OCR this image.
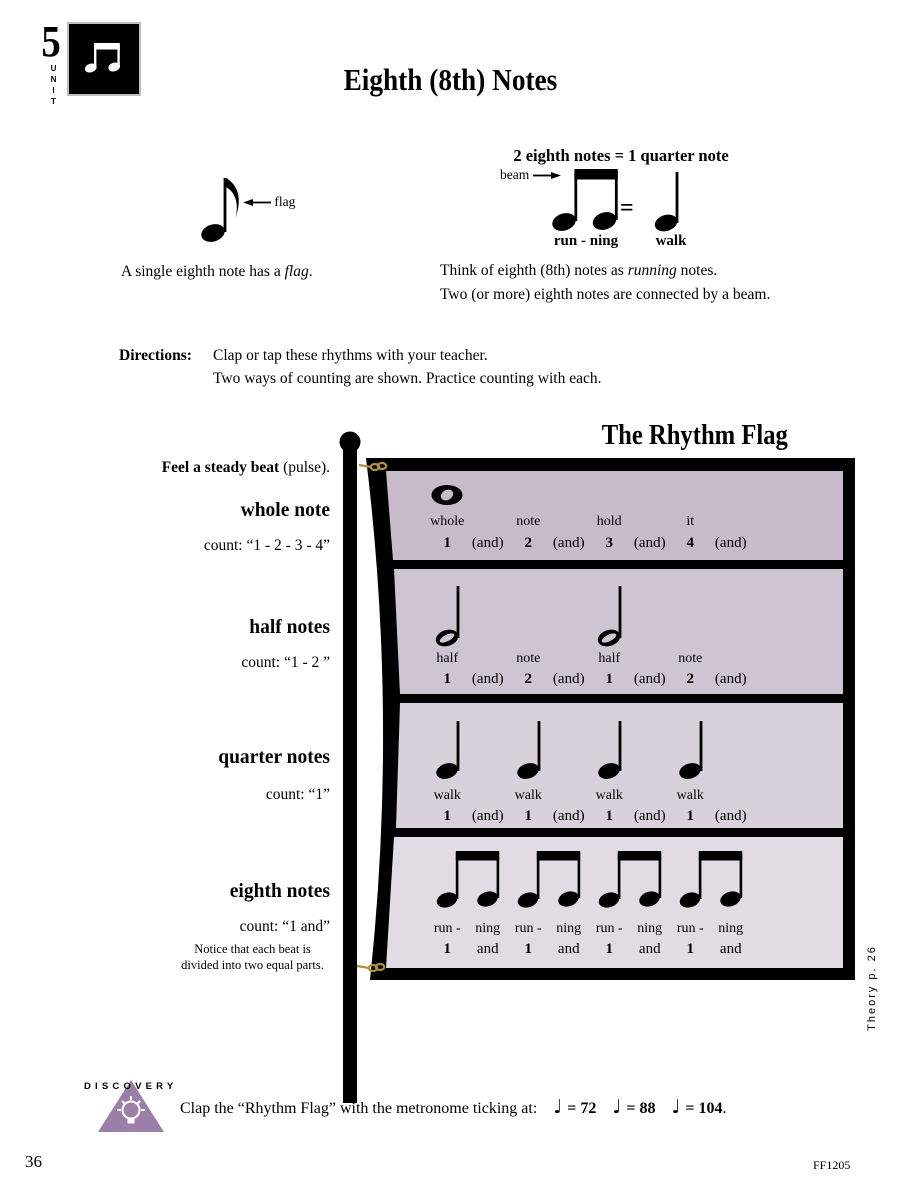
5
UNIT	Eighth (8th) Notes
flag
A single eighth note has a flag.
2 eighth notes = 1 quarter note
beam
=
run - ning	walk
Think of eighth (8th) notes as running notes.
Two (or more) eighth notes are connected by a beam.
Directions: Clap or tap these rhythms with your teacher.
Two ways of counting are shown. Practice counting with each.
The Rhythm Flag
Feel a steady beat (pulse).
whole note
count: “1 - 2 - 3 - 4”
half notes
count: “1 - 2 ”
quarter notes
count: “1”
eighth notes
count: “1 and”
Notice that each beat is
divided into two equal parts.
whole	note	hold	it
1	(and)	2	(and)	3	(and)	4	(and)
half	note	half	note
1	(and)	2	(and)	1	(and)	2	(and)
walk	walk	walk	walk
1	(and)	1	(and)	1	(and)	1	(and)
run -	ning	run -	ning	run -	ning	run -	ning
1	and	1	and	1	and	1	and	Theory p. 26
DISCOVERY
Clap the “Rhythm Flag” with the metronome ticking at: ♩ = 72 ♩ = 88 ♩ = 104.
36	FF1205
